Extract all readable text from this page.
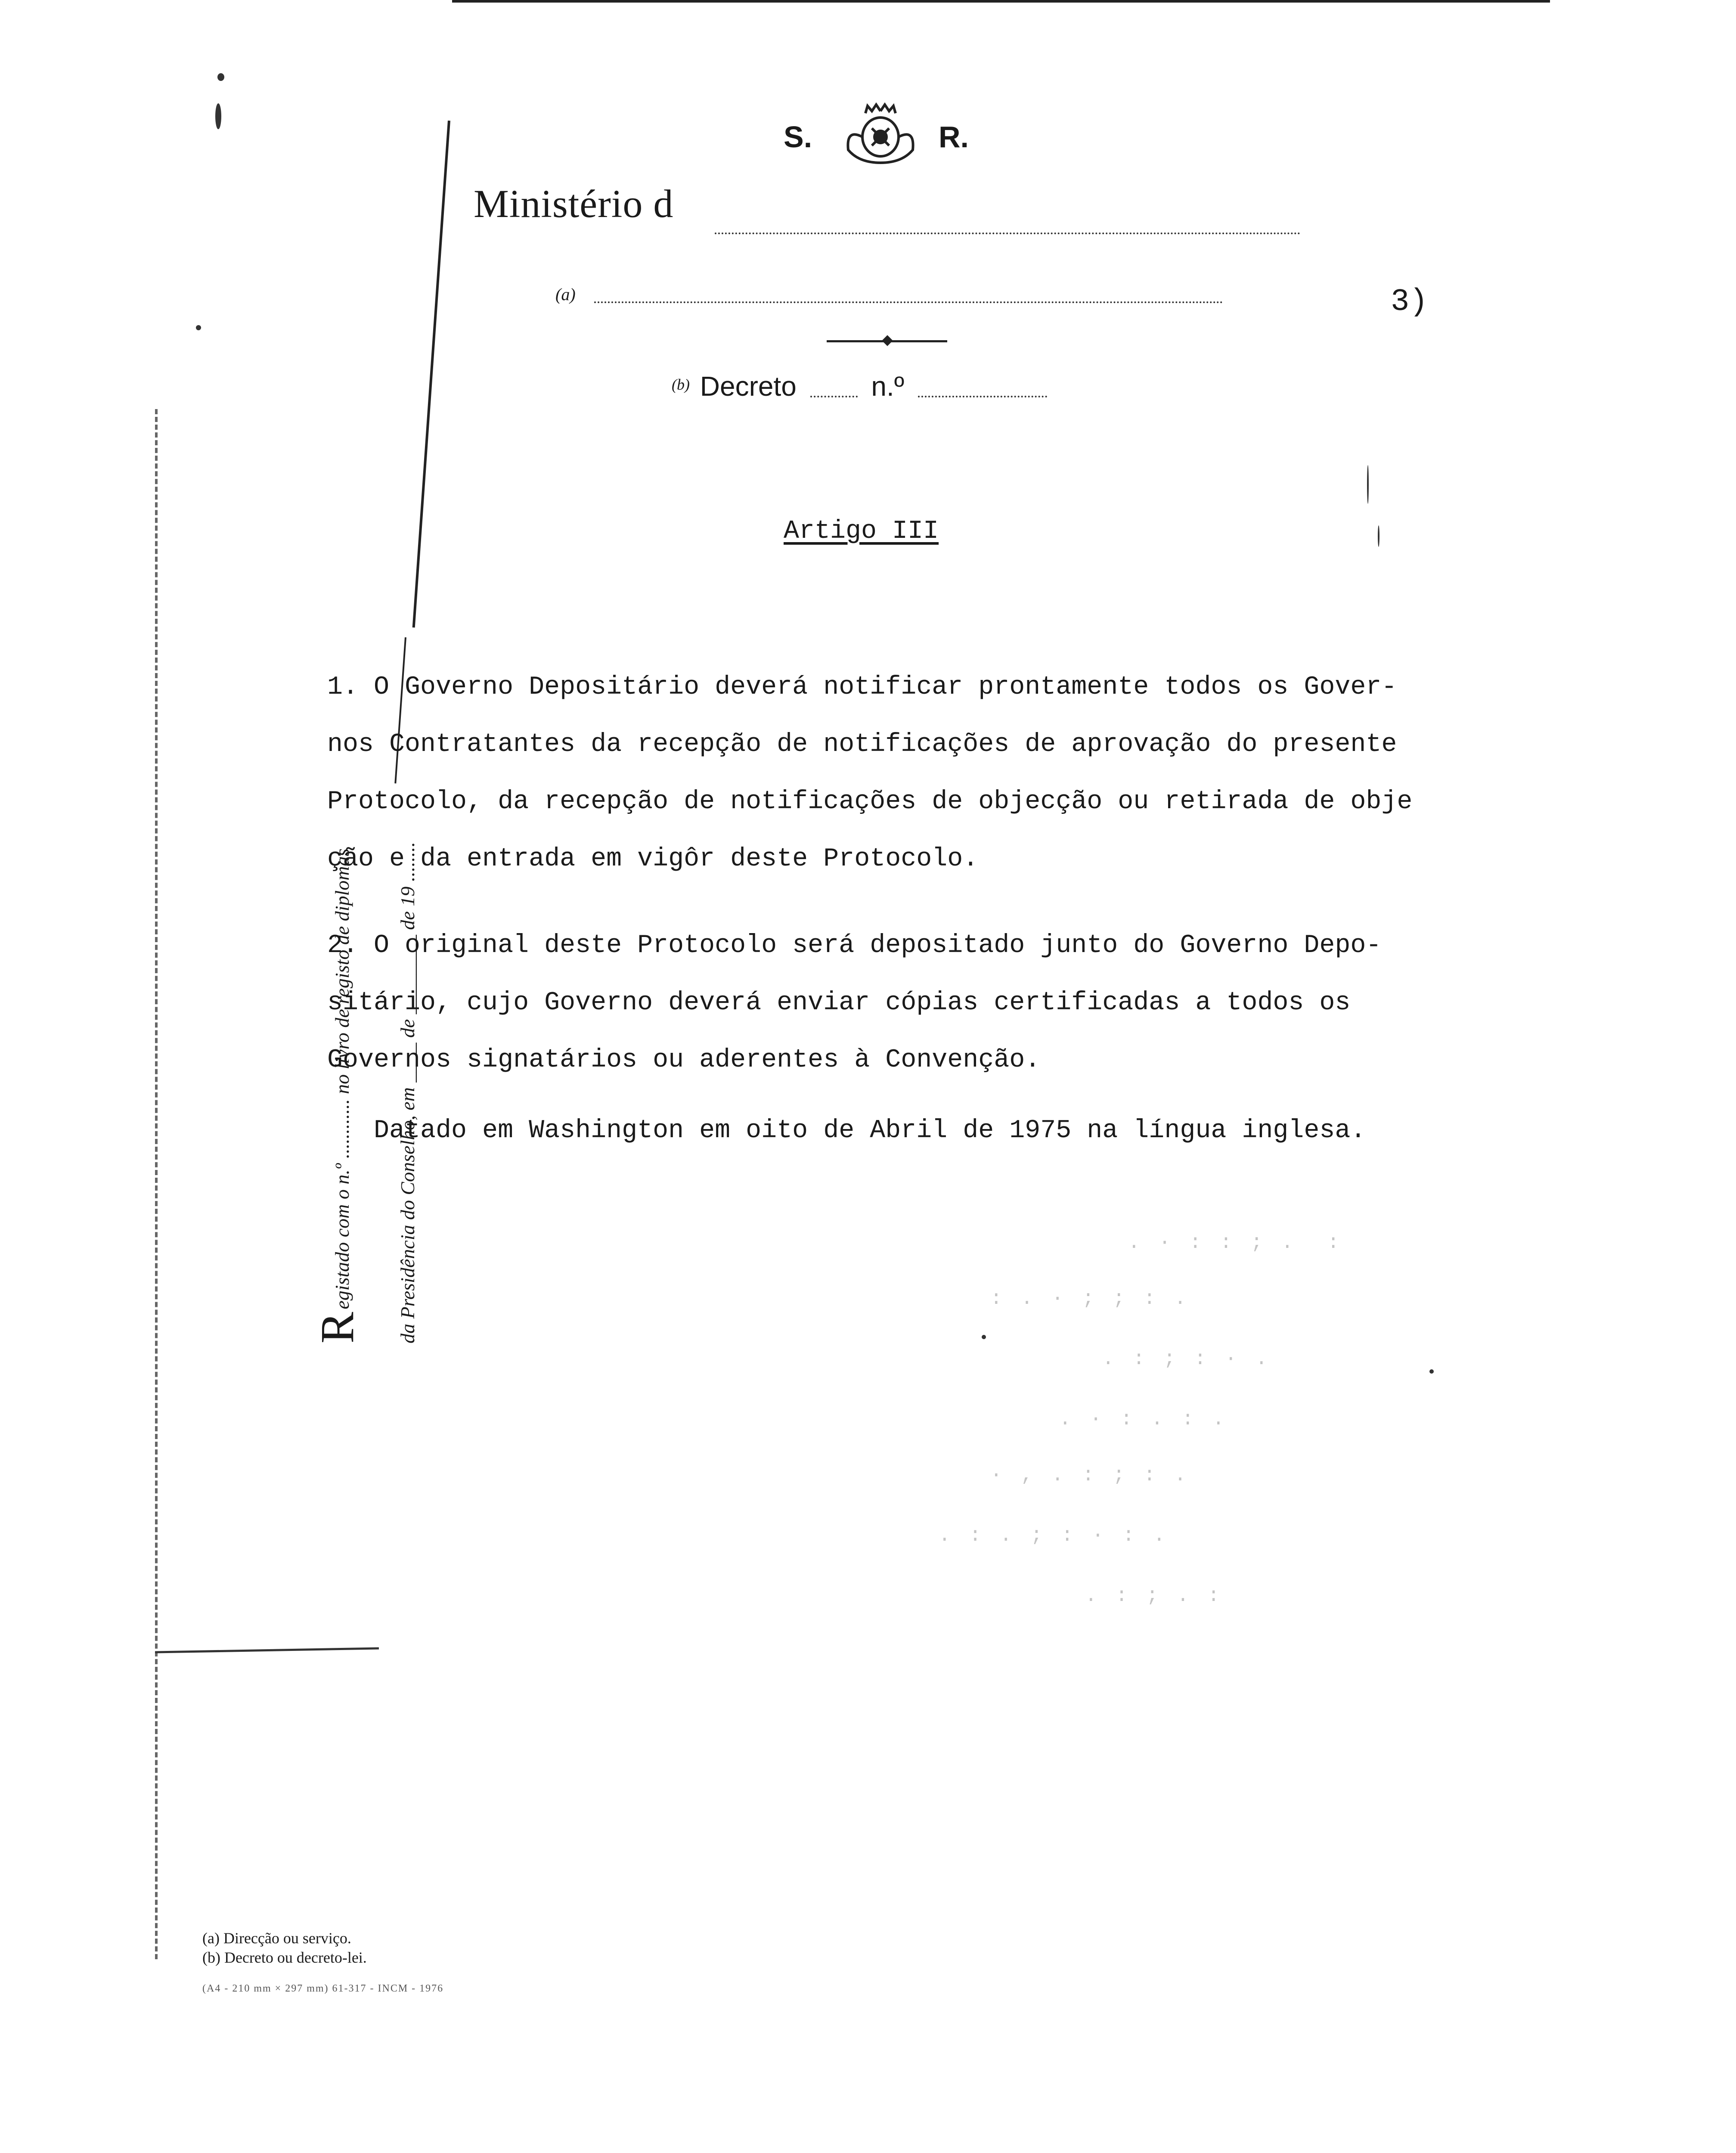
S.	R.
Ministério d
(a)	3)
$^{(b)}$ Decreto	n.º
Artigo III
1. O Governo Depositário deverá notificar prontamente todos os Gover-
nos Contratantes da recepção de notificações de aprovação do presente
Protocolo, da recepção de notificações de objecção ou retirada de obje
ção e da entrada em vigôr deste Protocolo.
2. O original deste Protocolo será depositado junto do Governo Depo-
sitário, cujo Governo deverá enviar cópias certificadas a todos os
Governos signatários ou aderentes à Convenção.
Datado em Washington em oito de Abril de 1975 na língua inglesa.
. · : : ; .  :
: . · ; ; : .
. : ; : · .
. · : . : .
· , . : ; : .
. : . ; : · : .
. : ; . :
Registado com o n.º ............ no livro de registo de diplomas	da Presidência do Conselho, em ____ de ________ de 19 ........
(a) Direcção ou serviço.
(b) Decreto ou decreto-lei.
(A4 - 210 mm × 297 mm) 61-317 - INCM - 1976
